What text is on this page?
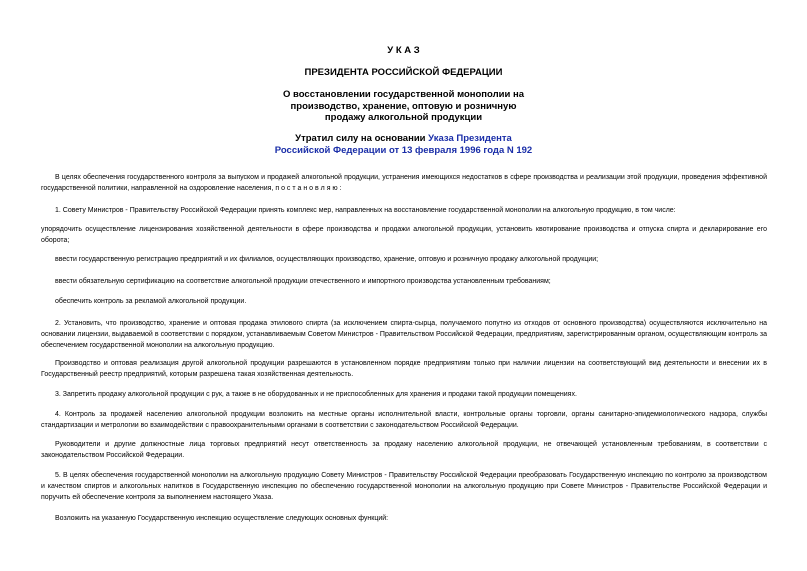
У К А З
ПРЕЗИДЕНТА РОССИЙСКОЙ ФЕДЕРАЦИИ
О восстановлении государственной монополии на
производство, хранение, оптовую и розничную
продажу алкогольной продукции
Утратил силу на основании Указа Президента
Российской Федерации от 13 февраля 1996 года N 192
В целях обеспечения государственного контроля за выпуском и продажей алкогольной продукции, устранения имеющихся недостатков в сфере производства и реализации этой продукции, проведения эффективной государственной политики, направленной на оздоровление населения, п о с т а н о в л я ю :
1. Совету Министров - Правительству Российской Федерации принять комплекс мер, направленных на восстановление государственной монополии на алкогольную продукцию, в том числе:
упорядочить осуществление лицензирования хозяйственной деятельности в сфере производства и продажи алкогольной продукции, установить квотирование производства и отпуска спирта и декларирование его оборота;
ввести государственную регистрацию предприятий и их филиалов, осуществляющих производство, хранение, оптовую и розничную продажу алкогольной продукции;
ввести обязательную сертификацию на соответствие алкогольной продукции отечественного и импортного производства установленным требованиям;
обеспечить контроль за рекламой алкогольной продукции.
2. Установить, что производство, хранение и оптовая продажа этилового спирта (за исключением спирта-сырца, получаемого попутно из отходов от основного производства) осуществляются исключительно на основании лицензии, выдаваемой в соответствии с порядком, устанавливаемым Советом Министров - Правительством Российской Федерации, предприятиям, зарегистрированным органом, осуществляющим контроль за обеспечением государственной монополии на алкогольную продукцию.
Производство и оптовая реализация другой алкогольной продукции разрешаются в установленном порядке предприятиям только при наличии лицензии на соответствующий вид деятельности и внесении их в Государственный реестр предприятий, которым разрешена такая хозяйственная деятельность.
3. Запретить продажу алкогольной продукции с рук, а также в не оборудованных и не приспособленных для хранения и продажи такой продукции помещениях.
4. Контроль за продажей населению алкогольной продукции возложить на местные органы исполнительной власти, контрольные органы торговли, органы санитарно-эпидемиологического надзора, службы стандартизации и метрологии во взаимодействии с правоохранительными органами в соответствии с законодательством Российской Федерации.
Руководители и другие должностные лица торговых предприятий несут ответственность за продажу населению алкогольной продукции, не отвечающей установленным требованиям, в соответствии с законодательством Российской Федерации.
5. В целях обеспечения государственной монополии на алкогольную продукцию Совету Министров - Правительству Российской Федерации преобразовать Государственную инспекцию по контролю за производством и качеством спиртов и алкогольных напитков в Государственную инспекцию по обеспечению государственной монополии на алкогольную продукцию при Совете Министров - Правительстве Российской Федерации и поручить ей обеспечение контроля за выполнением настоящего Указа.
Возложить на указанную Государственную инспекцию осуществление следующих основных функций:
